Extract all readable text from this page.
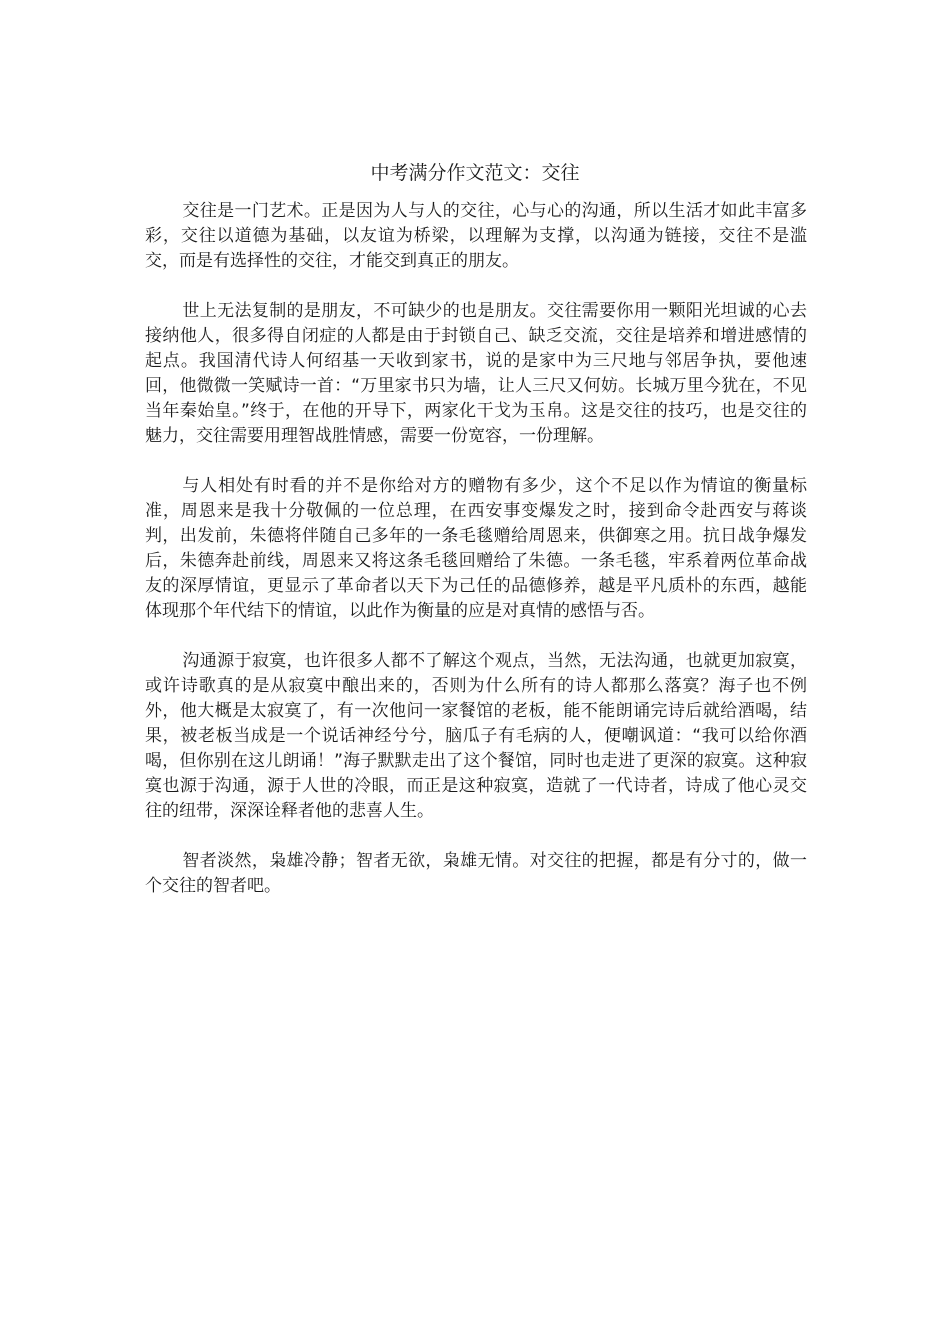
中考满分作文范文：交往

交往是一门艺术。正是因为人与人的交往，心与心的沟通，所以生活才如此丰富多彩，交往以道德为基础，以友谊为桥梁，以理解为支撑，以沟通为链接，交往不是滥交，而是有选择性的交往，才能交到真正的朋友。

世上无法复制的是朋友，不可缺少的也是朋友。交往需要你用一颗阳光坦诚的心去接纳他人，很多得自闭症的人都是由于封锁自己、缺乏交流，交往是培养和增进感情的起点。我国清代诗人何绍基一天收到家书，说的是家中为三尺地与邻居争执，要他速回，他微微一笑赋诗一首：“万里家书只为墙，让人三尺又何妨。长城万里今犹在，不见当年秦始皇。”终于，在他的开导下，两家化干戈为玉帛。这是交往的技巧，也是交往的魅力，交往需要用理智战胜情感，需要一份宽容，一份理解。

与人相处有时看的并不是你给对方的赠物有多少，这个不足以作为情谊的衡量标准，周恩来是我十分敬佩的一位总理，在西安事变爆发之时，接到命令赴西安与蒋谈判，出发前，朱德将伴随自己多年的一条毛毯赠给周恩来，供御寒之用。抗日战争爆发后，朱德奔赴前线，周恩来又将这条毛毯回赠给了朱德。一条毛毯，牢系着两位革命战友的深厚情谊，更显示了革命者以天下为己任的品德修养，越是平凡质朴的东西，越能体现那个年代结下的情谊，以此作为衡量的应是对真情的感悟与否。

沟通源于寂寞，也许很多人都不了解这个观点，当然，无法沟通，也就更加寂寞，或许诗歌真的是从寂寞中酿出来的，否则为什么所有的诗人都那么落寞？海子也不例外，他大概是太寂寞了，有一次他问一家餐馆的老板，能不能朗诵完诗后就给酒喝，结果，被老板当成是一个说话神经兮兮，脑瓜子有毛病的人，便嘲讽道：“我可以给你酒喝，但你别在这儿朗诵！”海子默默走出了这个餐馆，同时也走进了更深的寂寞。这种寂寞也源于沟通，源于人世的冷眼，而正是这种寂寞，造就了一代诗者，诗成了他心灵交往的纽带，深深诠释者他的悲喜人生。

智者淡然，枭雄冷静；智者无欲，枭雄无情。对交往的把握，都是有分寸的，做一个交往的智者吧。
